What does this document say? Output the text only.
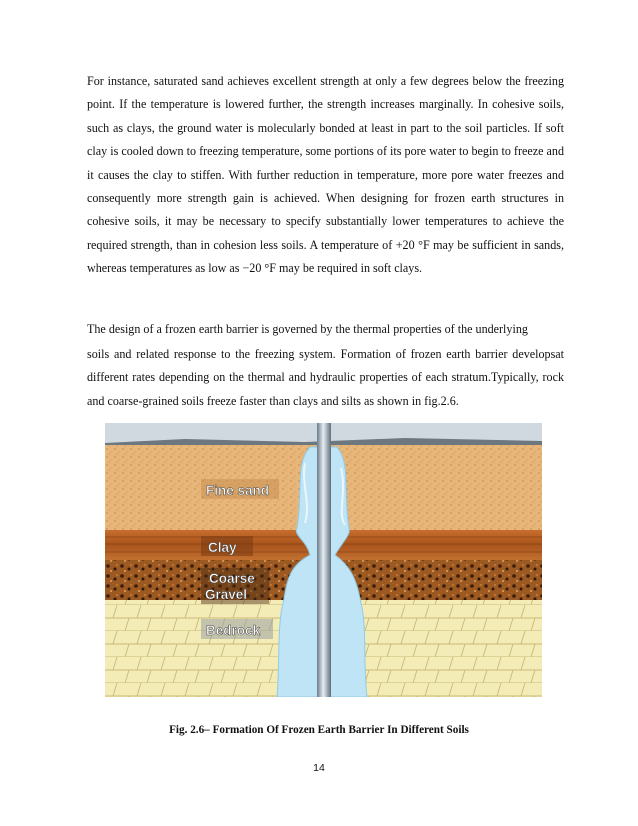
For instance, saturated sand achieves excellent strength at only a few degrees below the freezing point. If the temperature is lowered further, the strength increases marginally. In cohesive soils, such as clays, the ground water is molecularly bonded at least in part to the soil particles. If soft clay is cooled down to freezing temperature, some portions of its pore water to begin to freeze and it causes the clay to stiffen. With further reduction in temperature, more pore water freezes and consequently more strength gain is achieved. When designing for frozen earth structures in cohesive soils, it may be necessary to specify substantially lower temperatures to achieve the required strength, than in cohesion less soils. A temperature of +20 °F may be sufficient in sands, whereas temperatures as low as −20 °F may be required in soft clays.

The design of a frozen earth barrier is governed by the thermal properties of the underlying

soils and related response to the freezing system. Formation of frozen earth barrier developsat different rates depending on the thermal and hydraulic properties of each stratum.Typically, rock and coarse-grained soils freeze faster than clays and silts as shown in fig.2.6.

Fine sand
Clay
Coarse
Gravel
Bedrock
Fig. 2.6– Formation Of Frozen Earth Barrier In Different Soils
14
